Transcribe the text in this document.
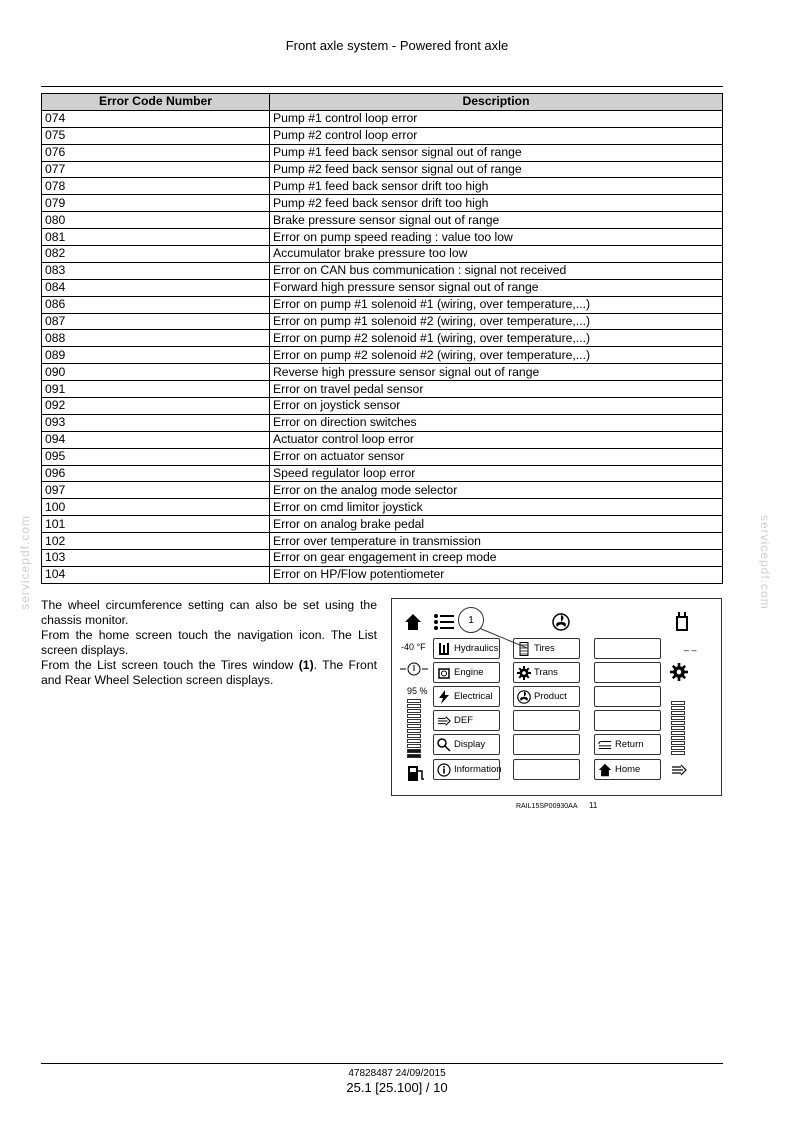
Front axle system - Powered front axle
Error Code Number	Description
074	Pump #1 control loop error
075	Pump #2 control loop error
076	Pump #1 feed back sensor signal out of range
077	Pump #2 feed back sensor signal out of range
078	Pump #1 feed back sensor drift too high
079	Pump #2 feed back sensor drift too high
080	Brake pressure sensor signal out of range
081	Error on pump speed reading : value too low
082	Accumulator brake pressure too low
083	Error on CAN bus communication : signal not received
084	Forward high pressure sensor signal out of range
086	Error on pump #1 solenoid #1 (wiring, over temperature,...)
087	Error on pump #1 solenoid #2 (wiring, over temperature,...)
088	Error on pump #2 solenoid #1 (wiring, over temperature,...)
089	Error on pump #2 solenoid #2 (wiring, over temperature,...)
090	Reverse high pressure sensor signal out of range
091	Error on travel pedal sensor
092	Error on joystick sensor
093	Error on direction switches
094	Actuator control loop error
095	Error on actuator sensor
096	Speed regulator loop error
097	Error on the analog mode selector
100	Error on cmd limitor joystick
101	Error on analog brake pedal
102	Error over temperature in transmission
103	Error on gear engagement in creep mode
104	Error on HP/Flow potentiometer
servicepdf.com	servicepdf.com

The wheel circumference setting can also be set using the chassis monitor.

From the home screen touch the navigation icon. The List screen displays.

From the List screen touch the Tires window (1). The Front and Rear Wheel Selection screen displays.

-40 °F
95 %
Hydraulics
Engine
Electrical
DEF
Display
Information
Tires
Trans
Product
Return
Home
– –
1
RAIL15SP00930AA 11
47828487 24/09/2015
25.1 [25.100] / 10
